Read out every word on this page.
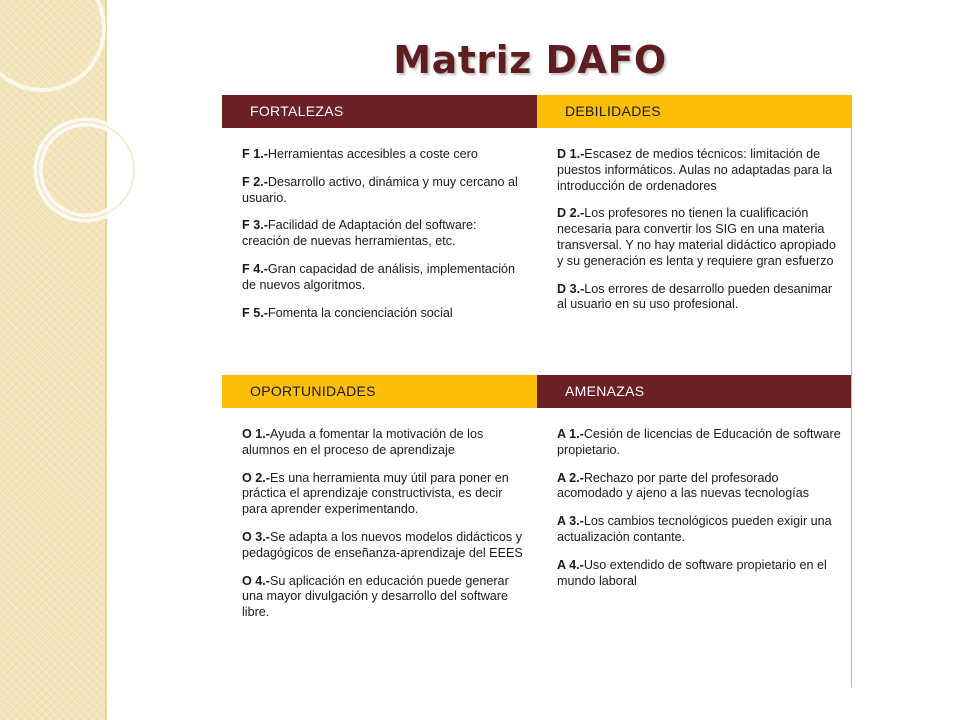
Matriz DAFO
FORTALEZAS	DEBILIDADES

F 1.-Herramientas accesibles a coste cero

F 2.-Desarrollo activo, dinámica y muy cercano al usuario.

F 3.-Facilidad de Adaptación del software: creación de nuevas herramientas, etc.

F 4.-Gran capacidad de análisis, implementación de nuevos algoritmos.

F 5.-Fomenta la concienciación social

D 1.-Escasez de medios técnicos: limitación de puestos informáticos. Aulas no adaptadas para la introducción de ordenadores

D 2.-Los profesores no tienen la cualificación necesaria para convertir los SIG en una materia transversal. Y no hay material didáctico apropiado y su generación es lenta y requiere gran esfuerzo

D 3.-Los errores de desarrollo pueden desanimar al usuario en su uso profesional.

OPORTUNIDADES	AMENAZAS

O 1.-Ayuda a fomentar la motivación de los alumnos en el proceso de aprendizaje

O 2.-Es una herramienta muy útil para poner en práctica el aprendizaje constructivista, es decir para aprender experimentando.

O 3.-Se adapta a los nuevos modelos didácticos y pedagógicos de enseñanza-aprendizaje del EEES

O 4.-Su aplicación en educación puede generar una mayor divulgación y desarrollo del software libre.

A 1.-Cesión de licencias de Educación de software propietario.

A 2.-Rechazo por parte del profesorado acomodado y ajeno a las nuevas tecnologías

A 3.-Los cambios tecnológicos pueden exigir una actualización contante.

A 4.-Uso extendido de software propietario en el mundo laboral
